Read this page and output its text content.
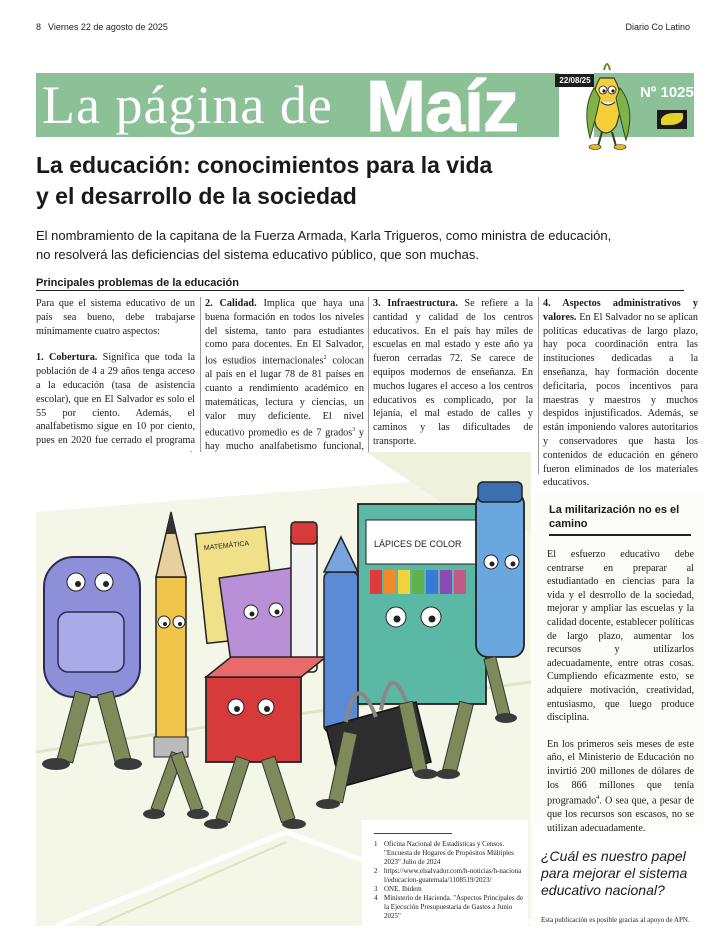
8 Viernes 22 de agosto de 2025	Diario Co Latino
La página de Maíz	22/08/25
Nº 1025
La educación: conocimientos para la vida
y el desarrollo de la sociedad
El nombramiento de la capitana de la Fuerza Armada, Karla Trigueros, como ministra de educación,
no resolverá las deficiencias del sistema educativo público, que son muchas.
Principales problemas de la educación

Para que el sistema educativo de un país sea bueno, debe trabajarse mínimamente cuatro aspectos:

1. Cobertura. Significa que toda la población de 4 a 29 años tenga acceso a la educación (tasa de asistencia escolar), que en El Salvador es solo el 55 por ciento. Además, el analfabetismo sigue en 10 por ciento, pues en 2020 fue cerrado el programa

2. Calidad. Implica que haya una buena formación en todos los niveles del sistema, tanto para estudiantes como para docentes. En El Salvador, los estudios internacionales$^2$ colocan al país en el lugar 78 de 81 países en cuanto a rendimiento académico en matemáticas, lectura y ciencias, un valor muy deficiente. El nivel educativo promedio es de 7 grados$^3$ y hay mucho analfabetismo funcional,

3. Infraestructura. Se refiere a la cantidad y calidad de los centros educativos. En el país hay miles de escuelas en mal estado y este año ya fueron cerradas 72. Se carece de equipos modernos de enseñanza. En muchos lugares el acceso a los centros educativos es complicado, por la lejanía, el mal estado de calles y caminos y las dificultades de transporte.

4. Aspectos administrativos y valores. En El Salvador no se aplican políticas educativas de largo plazo, hay poca coordinación entra las instituciones dedicadas a la enseñanza, hay formación docente deficitaria, pocos incentivos para maestras y maestros y muchos despidos injustificados. Además, se están imponiendo valores autoritarios y conservadores que hasta los contenidos de educación en género fueron eliminados de los materiales educativos.

MATEMÁTICA	LÁPICES DE COLOR
La militarización no es el camino

El esfuerzo educativo debe centrarse en preparar al estudiantado en ciencias para la vida y el desrrollo de la sociedad, mejorar y ampliar las escuelas y la calidad docente, establecer políticas de largo plazo, aumentar los recursos y utilizarlos adecuadamente, entre otras cosas. Cumpliendo eficazmente esto, se adquiere motivación, creatividad, entusiasmo, que luego produce disciplina.

En los primeros seis meses de este año, el Ministerio de Educación no invirtió 200 millones de dólares de los 866 millones que tenía programado$^4$. O sea que, a pesar de que los recursos son escasos, no se utilizan adecuadamente.

1 Oficina Nacional de Estadísticas y Censos. "Encuesta de Hogares de Propósitos Múltiples 2023" Julio de 2024
2 https://www.elsalvador.com/h-noticias/h-nacional/educacion-guatemala/1108519/2023/
3 ONE. Ibidem
4 Ministerio de Hacienda. "Aspectos Principales de la Ejecución Presupuestaria de Gastos a Junio 2025"
¿Cuál es nuestro papel para mejorar el sistema educativo nacional?
Esta publicación es posible gracias al apoyo de APN.
